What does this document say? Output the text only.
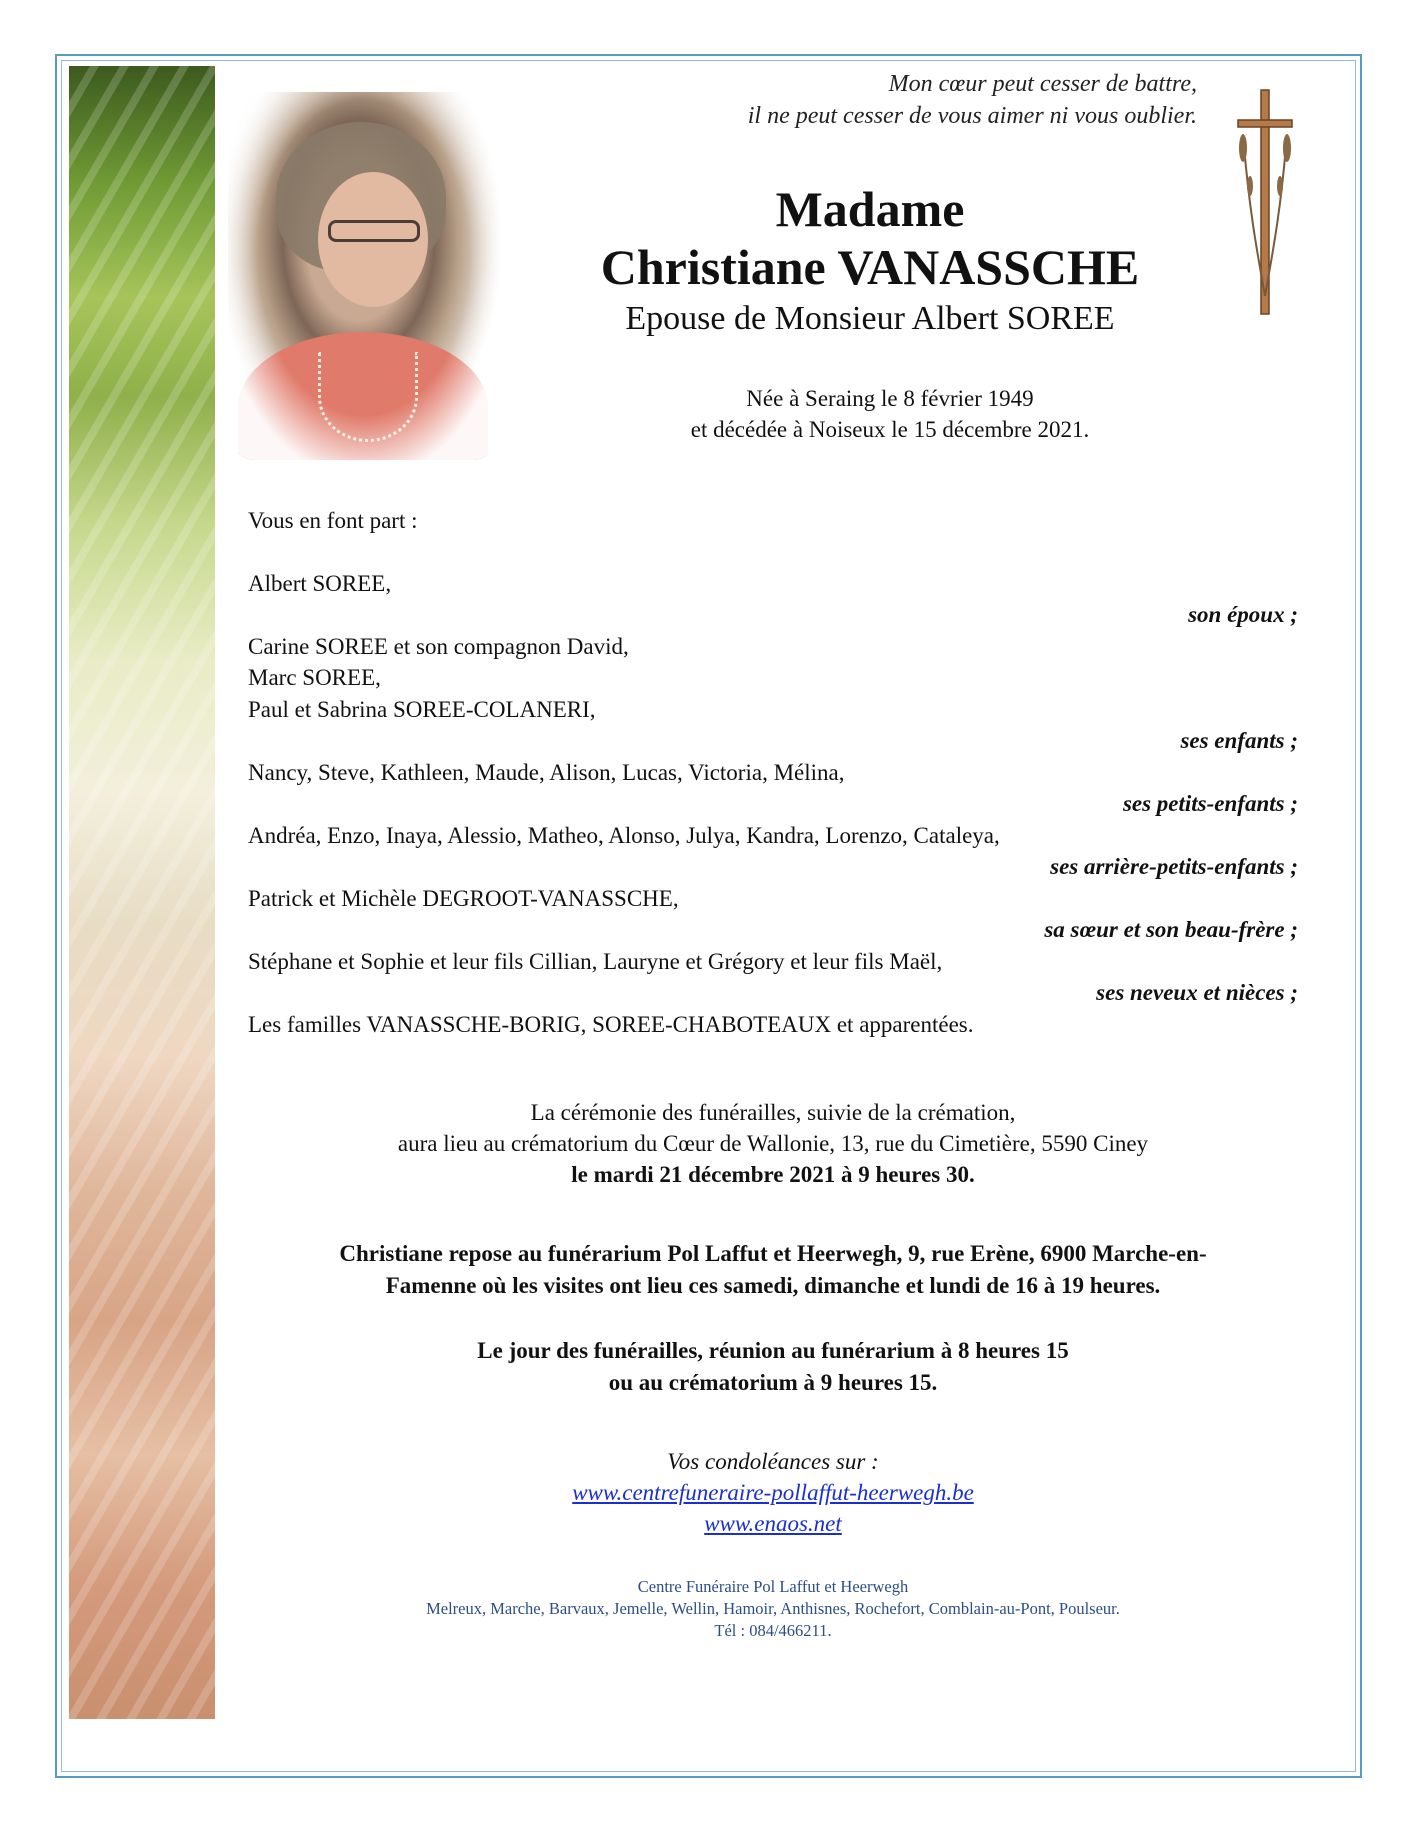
Mon cœur peut cesser de battre,
il ne peut cesser de vous aimer ni vous oublier.

Madame

Christiane VANASSCHE

Epouse de Monsieur Albert SOREE

Née à Seraing le 8 février 1949
et décédée à Noiseux le 15 décembre 2021.
Vous en font part :
Albert SOREE,
son époux ;
Carine SOREE et son compagnon David,
Marc SOREE,
Paul et Sabrina SOREE-COLANERI,
ses enfants ;
Nancy, Steve, Kathleen, Maude, Alison, Lucas, Victoria, Mélina,
ses petits-enfants ;
Andréa, Enzo, Inaya, Alessio, Matheo, Alonso, Julya, Kandra, Lorenzo, Cataleya,
ses arrière-petits-enfants ;
Patrick et Michèle DEGROOT-VANASSCHE,
sa sœur et son beau-frère ;
Stéphane et Sophie et leur fils Cillian, Lauryne et Grégory et leur fils Maël,
ses neveux et nièces ;
Les familles VANASSCHE-BORIG, SOREE-CHABOTEAUX et apparentées.
La cérémonie des funérailles, suivie de la crémation,
aura lieu au crématorium du Cœur de Wallonie, 13, rue du Cimetière, 5590 Ciney
le mardi 21 décembre 2021 à 9 heures 30.
Christiane repose au funérarium Pol Laffut et Heerwegh, 9, rue Erène, 6900 Marche-en-
Famenne où les visites ont lieu ces samedi, dimanche et lundi de 16 à 19 heures.
Le jour des funérailles, réunion au funérarium à 8 heures 15
ou au crématorium à 9 heures 15.
Vos condoléances sur :
www.centrefuneraire-pollaffut-heerwegh.be
www.enaos.net
Centre Funéraire Pol Laffut et Heerwegh
Melreux, Marche, Barvaux, Jemelle, Wellin, Hamoir, Anthisnes, Rochefort, Comblain-au-Pont, Poulseur.
Tél : 084/466211.
